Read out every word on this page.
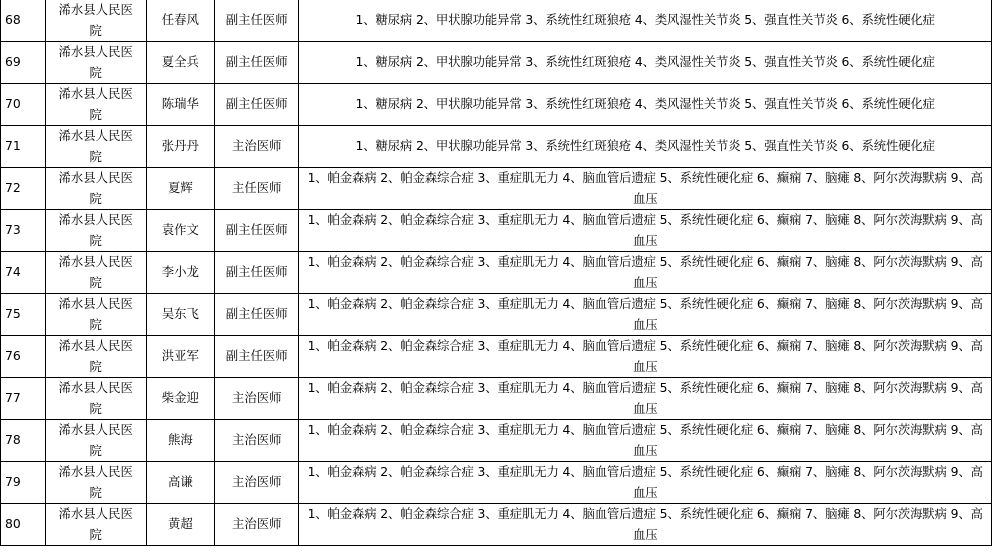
68	浠水县人民医院	任春风	副主任医师	1、糖尿病 2、甲状腺功能异常 3、系统性红斑狼疮 4、类风湿性关节炎 5、强直性关节炎 6、系统性硬化症
69	浠水县人民医院	夏全兵	副主任医师	1、糖尿病 2、甲状腺功能异常 3、系统性红斑狼疮 4、类风湿性关节炎 5、强直性关节炎 6、系统性硬化症
70	浠水县人民医院	陈瑞华	副主任医师	1、糖尿病 2、甲状腺功能异常 3、系统性红斑狼疮 4、类风湿性关节炎 5、强直性关节炎 6、系统性硬化症
71	浠水县人民医院	张丹丹	主治医师	1、糖尿病 2、甲状腺功能异常 3、系统性红斑狼疮 4、类风湿性关节炎 5、强直性关节炎 6、系统性硬化症
72	浠水县人民医院	夏辉	主任医师	1、帕金森病 2、帕金森综合症 3、重症肌无力 4、脑血管后遗症 5、系统性硬化症 6、癫痫 7、脑瘫 8、阿尔茨海默病 9、高血压
73	浠水县人民医院	袁作文	副主任医师	1、帕金森病 2、帕金森综合症 3、重症肌无力 4、脑血管后遗症 5、系统性硬化症 6、癫痫 7、脑瘫 8、阿尔茨海默病 9、高血压
74	浠水县人民医院	李小龙	副主任医师	1、帕金森病 2、帕金森综合症 3、重症肌无力 4、脑血管后遗症 5、系统性硬化症 6、癫痫 7、脑瘫 8、阿尔茨海默病 9、高血压
75	浠水县人民医院	吴东飞	副主任医师	1、帕金森病 2、帕金森综合症 3、重症肌无力 4、脑血管后遗症 5、系统性硬化症 6、癫痫 7、脑瘫 8、阿尔茨海默病 9、高血压
76	浠水县人民医院	洪亚军	副主任医师	1、帕金森病 2、帕金森综合症 3、重症肌无力 4、脑血管后遗症 5、系统性硬化症 6、癫痫 7、脑瘫 8、阿尔茨海默病 9、高血压
77	浠水县人民医院	柴金迎	主治医师	1、帕金森病 2、帕金森综合症 3、重症肌无力 4、脑血管后遗症 5、系统性硬化症 6、癫痫 7、脑瘫 8、阿尔茨海默病 9、高血压
78	浠水县人民医院	熊海	主治医师	1、帕金森病 2、帕金森综合症 3、重症肌无力 4、脑血管后遗症 5、系统性硬化症 6、癫痫 7、脑瘫 8、阿尔茨海默病 9、高血压
79	浠水县人民医院	高谦	主治医师	1、帕金森病 2、帕金森综合症 3、重症肌无力 4、脑血管后遗症 5、系统性硬化症 6、癫痫 7、脑瘫 8、阿尔茨海默病 9、高血压
80	浠水县人民医院	黄超	主治医师	1、帕金森病 2、帕金森综合症 3、重症肌无力 4、脑血管后遗症 5、系统性硬化症 6、癫痫 7、脑瘫 8、阿尔茨海默病 9、高血压
